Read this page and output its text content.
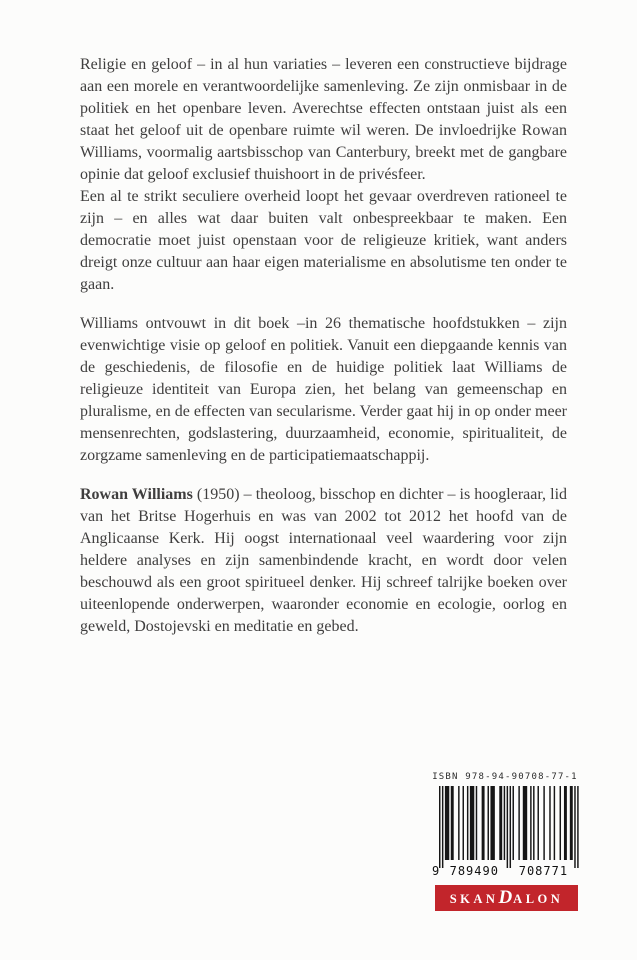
Religie en geloof – in al hun variaties – leveren een constructieve bijdrage aan een morele en verantwoordelijke samenleving. Ze zijn onmisbaar in de politiek en het openbare leven. Averechtse effecten ontstaan juist als een staat het geloof uit de openbare ruimte wil weren. De invloedrijke Rowan Williams, voormalig aartsbisschop van Canterbury, breekt met de gangbare opinie dat geloof exclusief thuishoort in de privésfeer.

Een al te strikt seculiere overheid loopt het gevaar overdreven rationeel te zijn – en alles wat daar buiten valt onbespreekbaar te maken. Een democratie moet juist openstaan voor de religieuze kritiek, want anders dreigt onze cultuur aan haar eigen materialisme en absolutisme ten onder te gaan.

Williams ontvouwt in dit boek –in 26 thematische hoofdstukken – zijn evenwichtige visie op geloof en politiek. Vanuit een diepgaande kennis van de geschiedenis, de filosofie en de huidige politiek laat Williams de religieuze identiteit van Europa zien, het belang van gemeenschap en pluralisme, en de effecten van secularisme. Verder gaat hij in op onder meer mensenrechten, godslastering, duurzaamheid, economie, spiritualiteit, de zorgzame samenleving en de participatiemaatschappij.

Rowan Williams (1950) – theoloog, bisschop en dichter – is hoogleraar, lid van het Britse Hogerhuis en was van 2002 tot 2012 het hoofd van de Anglicaanse Kerk. Hij oogst internationaal veel waardering voor zijn heldere analyses en zijn samenbindende kracht, en wordt door velen beschouwd als een groot spiritueel denker. Hij schreef talrijke boeken over uiteenlopende onderwerpen, waaronder economie en ecologie, oorlog en geweld, Dostojevski en meditatie en gebed.

ISBN 978-94-90708-77-1
9 789490 708771
SKAN D ALON
